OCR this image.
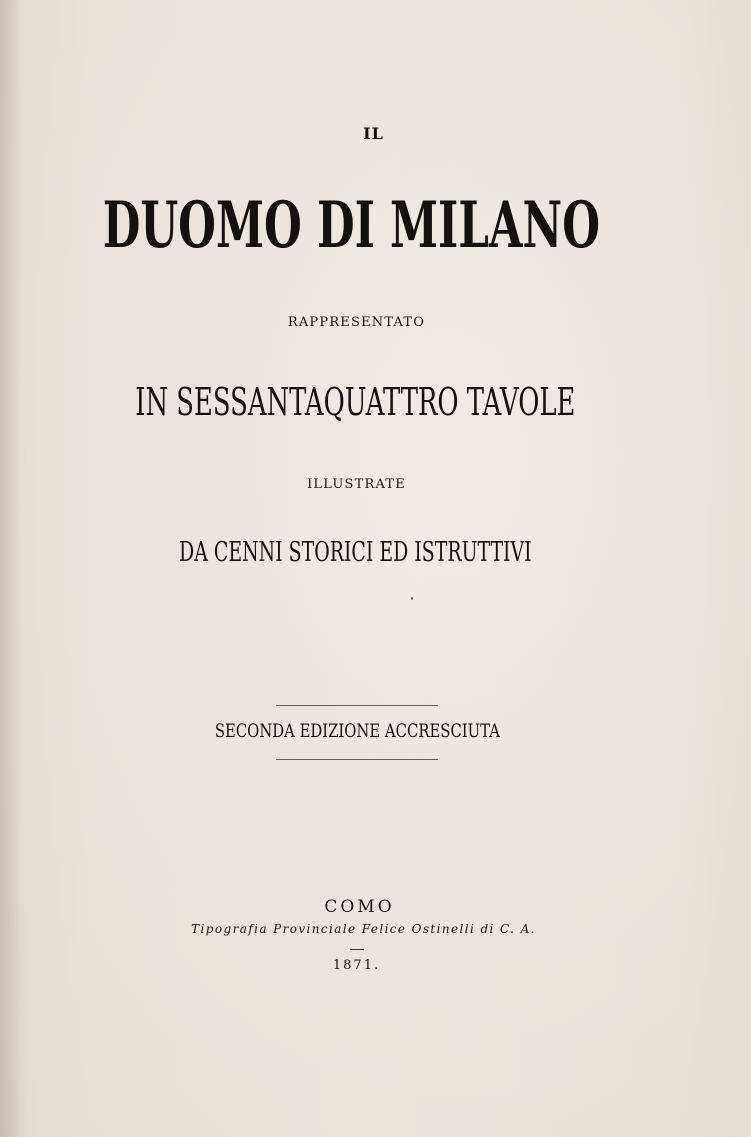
IL
DUOMO DI MILANO
RAPPRESENTATO
IN SESSANTAQUATTRO TAVOLE
ILLUSTRATE
DA CENNI STORICI ED ISTRUTTIVI
SECONDA EDIZIONE ACCRESCIUTA
COMO
Tipografia Provinciale Felice Ostinelli di C. A.
1871.
